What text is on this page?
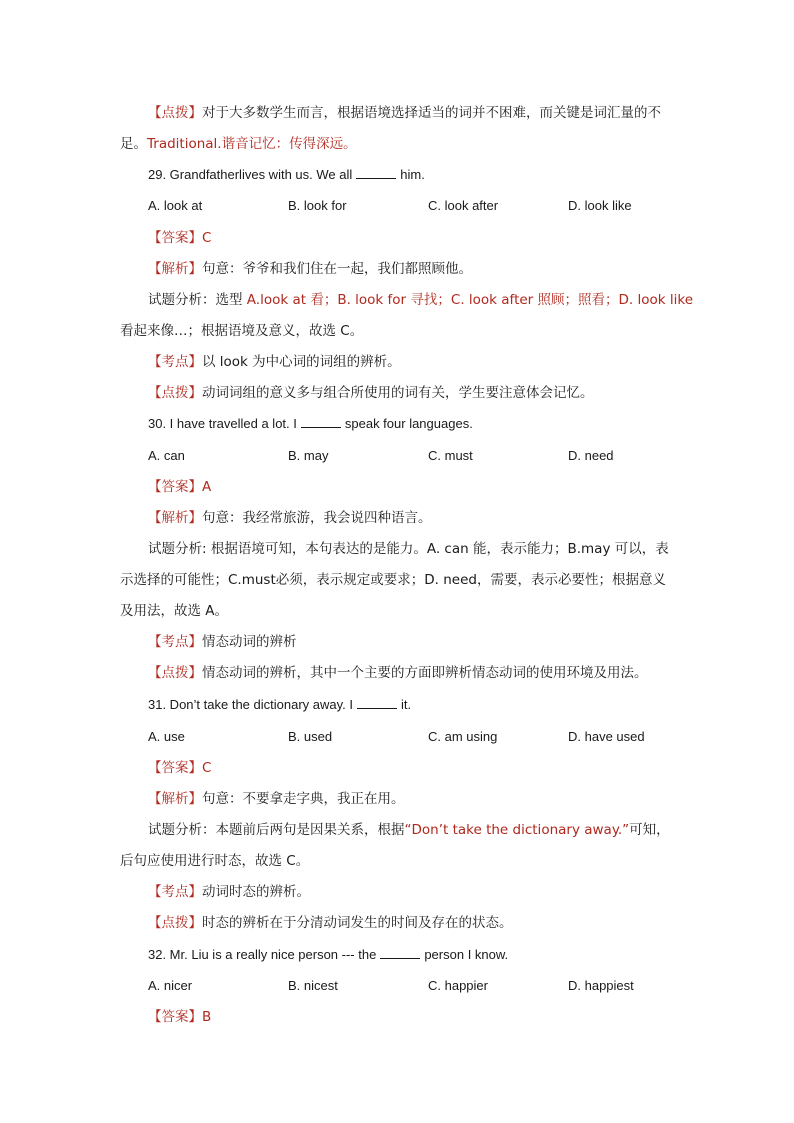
【点拨】对于大多数学生而言，根据语境选择适当的词并不困难，而关键是词汇量的不
足。Traditional.谐音记忆：传得深远。
29. Grandfatherlives with us. We all	him.
A. look at	B. look for	C. look after	D. look like
【答案】C
【解析】句意：爷爷和我们住在一起，我们都照顾他。
试题分析：选型 A.look at 看；B. look for 寻找；C. look after 照顾；照看；D. look like
看起来像…；根据语境及意义，故选 C。
【考点】以 look 为中心词的词组的辨析。
【点拨】动词词组的意义多与组合所使用的词有关，学生要注意体会记忆。
30. I have travelled a lot. I	speak four languages.
A. can	B. may	C. must	D. need
【答案】A
【解析】句意：我经常旅游，我会说四种语言。
试题分析: 根据语境可知，本句表达的是能力。A. can 能，表示能力；B.may 可以，表
示选择的可能性；C.must必须，表示规定或要求；D. need，需要，表示必要性；根据意义
及用法，故选 A。
【考点】情态动词的辨析
【点拨】情态动词的辨析，其中一个主要的方面即辨析情态动词的使用环境及用法。
31. Don’t take the dictionary away. I	it.
A. use	B. used	C. am using	D. have used
【答案】C
【解析】句意：不要拿走字典，我正在用。
试题分析：本题前后两句是因果关系，根据“Don’t take the dictionary away.”可知，
后句应使用进行时态，故选 C。
【考点】动词时态的辨析。
【点拨】时态的辨析在于分清动词发生的时间及存在的状态。
32. Mr. Liu is a really nice person --- the	person I know.
A. nicer	B. nicest	C. happier	D. happiest
【答案】B
